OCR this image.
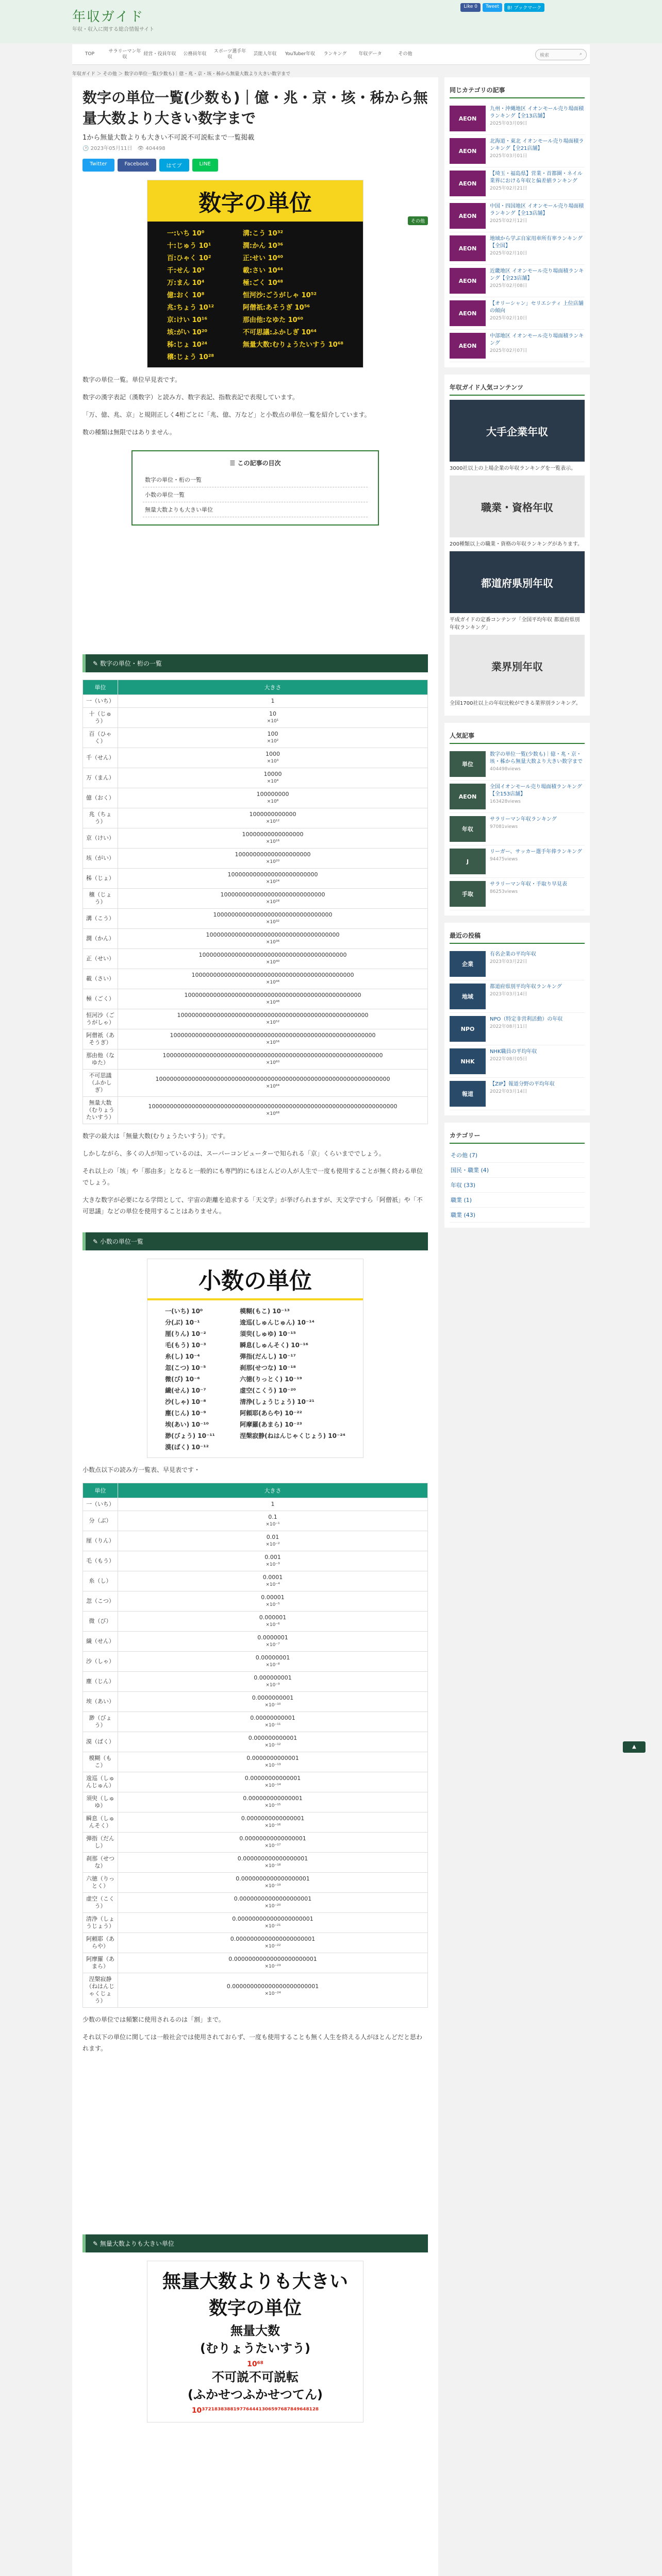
年収ガイド
年収・収入に関する総合情報サイト
Like 0	Tweet	B! ブックマーク
TOP
サラリーマン年収
経営・役員年収	公務員年収
スポーツ選手年収
芸能人年収	YouTuber年収	ランキング	年収データ	その他	検索	⌕
年収ガイド ＞ その他 ＞ 数字の単位一覧(少数も)｜億・兆・京・垓・秭から無量大数より大きい数字まで
数字の単位一覧(少数も)｜億・兆・京・垓・秭から無量大数より大きい数字まで
1から無量大数よりも大きい不可説不可説転まで一覧掲載
🕑 2023年05月11日　 👁 404498
その他
Twitter	Facebook	はてブ	LINE
数字の単位
一:いち 10⁰
十:じゅう 10¹
百:ひゃく 10²
千:せん 10³
万:まん 10⁴
億:おく 10⁸
兆:ちょう 10¹²
京:けい 10¹⁶
垓:がい 10²⁰
秭:じょ 10²⁴
穣:じょう 10²⁸
溝:こう 10³²
澗:かん 10³⁶
正:せい 10⁴⁰
載:さい 10⁴⁴
極:ごく 10⁴⁸
恒河沙:ごうがしゃ 10⁵²
阿僧祇:あそうぎ 10⁵⁶
那由他:なゆた 10⁶⁰
不可思議:ふかしぎ 10⁶⁴
無量大数:むりょうたいすう 10⁶⁸
数字の単位一覧。単位早見表です。
数字の漢字表記（漢数字）と読み方、数字表記、指数表記で表現しています。
「万、億、兆、京」と規則正しく4桁ごとに「兆、億、万など」と小数点の単位一覧を紹介しています。
数の種類は無限ではありません。
☰ この記事の目次
数字の単位・桁の一覧
小数の単位一覧
無量大数よりも大きい単位
✎ 数字の単位・桁の一覧
単位	大きさ
一（いち）	1

十（じゅう）	10
×10¹

百（ひゃく）	100
×10²

千（せん）	1000
×10³

万（まん）	10000
×10⁴

億（おく）	100000000
×10⁸

兆（ちょう）	1000000000000
×10¹²

京（けい）	10000000000000000
×10¹⁶

垓（がい）	100000000000000000000
×10²⁰

秭（じょ）	1000000000000000000000000
×10²⁴

穣（じょう）	10000000000000000000000000000
×10²⁸

溝（こう）	100000000000000000000000000000000
×10³²

澗（かん）	1000000000000000000000000000000000000
×10³⁶

正（せい）	10000000000000000000000000000000000000000
×10⁴⁰

載（さい）	100000000000000000000000000000000000000000000
×10⁴⁴

極（ごく）	1000000000000000000000000000000000000000000000000
×10⁴⁸

恒河沙（ごうがしゃ）	10000000000000000000000000000000000000000000000000000
×10⁵²

阿僧祇（あそうぎ）	100000000000000000000000000000000000000000000000000000000
×10⁵⁶

那由他（なゆた）	1000000000000000000000000000000000000000000000000000000000000
×10⁶⁰

不可思議（ふかしぎ）	10000000000000000000000000000000000000000000000000000000000000000
×10⁶⁴

無量大数（むりょうたいすう）	100000000000000000000000000000000000000000000000000000000000000000000
×10⁶⁸
数字の最大は「無量大数(むりょうたいすう)」です。
しかしながら、多くの人が知っているのは、スーパーコンピューターで知られる「京」くらいまででしょう。
それ以上の「垓」や「那由多」となると一般的にも専門的にもほとんどの人が人生で一度も使用することが無く終わる単位でしょう。
大きな数字が必要になる学問として、宇宙の距離を追求する「天文学」が挙げられますが、天文学ですら「阿僧祇」や「不可思議」などの単位を使用することはありません。
✎ 小数の単位一覧
小数の単位
一(いち) 10⁰
分(ぶ) 10⁻¹
厘(りん) 10⁻²
毛(もう) 10⁻³
糸(し) 10⁻⁴
忽(こつ) 10⁻⁵
微(び) 10⁻⁶
繊(せん) 10⁻⁷
沙(しゃ) 10⁻⁸
塵(じん) 10⁻⁹
埃(あい) 10⁻¹⁰
渺(びょう) 10⁻¹¹
漠(ばく) 10⁻¹²
模糊(もこ) 10⁻¹³
逡巡(しゅんじゅん) 10⁻¹⁴
須臾(しゅゆ) 10⁻¹⁵
瞬息(しゅんそく) 10⁻¹⁶
弾指(だんし) 10⁻¹⁷
刹那(せつな) 10⁻¹⁸
六徳(りっとく) 10⁻¹⁹
虚空(こくう) 10⁻²⁰
清浄(しょうじょう) 10⁻²¹
阿頼耶(あらや) 10⁻²²
阿摩羅(あまら) 10⁻²³
涅槃寂静(ねはんじゃくじょう) 10⁻²⁴
小数点以下の読み方一覧表、早見表です・
単位	大きさ
一（いち）	1

分（ぶ）	0.1
×10⁻¹

厘（りん）	0.01
×10⁻²

毛（もう）	0.001
×10⁻³

糸（し）	0.0001
×10⁻⁴

忽（こつ）	0.00001
×10⁻⁵

微（び）	0.000001
×10⁻⁶

繊（せん）	0.0000001
×10⁻⁷

沙（しゃ）	0.00000001
×10⁻⁸

塵（じん）	0.000000001
×10⁻⁹

埃（あい）	0.0000000001
×10⁻¹⁰

渺（びょう）	0.00000000001
×10⁻¹¹

漠（ばく）	0.000000000001
×10⁻¹²

模糊（もこ）	0.0000000000001
×10⁻¹³

逡巡（しゅんじゅん）	0.00000000000001
×10⁻¹⁴

須臾（しゅゆ）	0.000000000000001
×10⁻¹⁵

瞬息（しゅんそく）	0.0000000000000001
×10⁻¹⁶

弾指（だんし）	0.00000000000000001
×10⁻¹⁷

刹那（せつな）	0.000000000000000001
×10⁻¹⁸

六徳（りっとく）	0.0000000000000000001
×10⁻¹⁹

虚空（こくう）	0.00000000000000000001
×10⁻²⁰

清浄（しょうじょう）	0.000000000000000000001
×10⁻²¹

阿頼耶（あらや）	0.0000000000000000000001
×10⁻²²

阿摩羅（あまら）	0.00000000000000000000001
×10⁻²³

涅槃寂静（ねはんじゃくじょう）	0.000000000000000000000001
×10⁻²⁴
少数の単位では頻繁に使用されるのは「割」まで。
それ以下の単位に関しては一般社会では使用されておらず、一度も使用することも無く人生を終える人がほとんどだと思われます。
✎ 無量大数よりも大きい単位
無量大数よりも大きい
数字の単位
無量大数
(むりょうたいすう)
10⁶⁸
不可説不可説転
(ふかせつふかせつてん)
10³⁷²¹⁸³⁸³⁸⁸¹⁹⁷⁷⁶⁴⁴⁴¹³⁰⁶⁵⁹⁷⁶⁸⁷⁸⁴⁹⁶⁴⁸¹²⁸
同じカテゴリの記事
AEON
九州・沖縄地区 イオンモール売り場面積ランキング【全13店舗】
2025年03月09日
AEON
北海道・東北 イオンモール売り場面積ランキング【全21店舗】
2025年03月01日
AEON
【埼玉・福島県】営業・首都圏・ネイル業界における年収と偏差値ランキング
2025年02月21日
AEON
中国・四国地区 イオンモール売り場面積ランキング【全13店舗】
2025年02月12日
AEON
地域から学ぶ自家用車所有率ランキング【全国】
2025年02月10日
AEON
近畿地区 イオンモール売り場面積ランキング【全23店舗】
2025年02月08日
AEON
【オリーシャン」セリエシティ 上位店舗の傾向
2025年02月10日
AEON
中部地区 イオンモール売り場面積ランキング
2025年02月07日
年収ガイド人気コンテンツ
大手企業年収
3000社以上の上場企業の年収ランキングを一覧表示。
職業・資格年収
200種類以上の職業・資格の年収ランキングがあります。
都道府県別年収
平成ガイドの定番コンテンツ「全国平均年収 都道府県別年収ランキング」
業界別年収
全国1700社以上の年収比較ができる業界別ランキング。
人気記事
単位
数字の単位一覧(少数も)｜億・兆・京・垓・秭から無量大数より大きい数字まで
404498views
AEON
全国イオンモール売り場面積ランキング【全153店舗】
163428views
年収
サラリーマン年収ランキング
97081views
J
リーガー、サッカー選手年俸ランキング
94475views
手取
サラリーマン年収・手取り早見表
86253views
最近の投稿
企業
有名企業の平均年収
2023年03月22日
地域
都道府県別平均年収ランキング
2023年03月14日
NPO
NPO（特定非営利活動）の年収
2022年08月11日
NHK
NHK職員の平均年収
2022年08月05日
報道
【ZIP】報道分野の平均年収
2022年03月14日
カテゴリー
その他 (7)
国民・職業 (4)
年収 (33)
職業 (1)
職業 (43)
▲
